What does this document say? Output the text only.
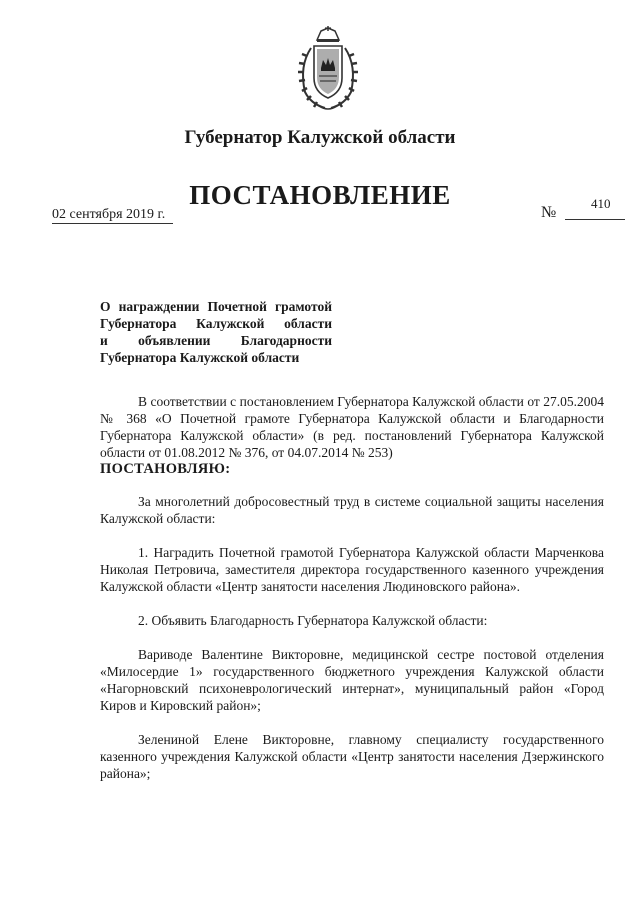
Губернатор Калужской области
ПОСТАНОВЛЕНИЕ
02 сентября 2019 г.	№
410
О награждении Почетной грамотой
Губернатора Калужской области
и объявлении Благодарности
Губернатора Калужской области

В соответствии с постановлением Губернатора Калужской области от 27.05.2004 № 368 «О Почетной грамоте Губернатора Калужской области и Благодарности Губернатора Калужской области» (в ред. постановлений Губернатора Калужской области от 01.08.2012 № 376, от 04.07.2014 № 253)

ПОСТАНОВЛЯЮ:

За многолетний добросовестный труд в системе социальной защиты населения Калужской области:

1. Наградить Почетной грамотой Губернатора Калужской области Марченкова Николая Петровича, заместителя директора государственного казенного учреждения Калужской области «Центр занятости населения Людиновского района».

2. Объявить Благодарность Губернатора Калужской области:

Вариводе Валентине Викторовне, медицинской сестре постовой отделения «Милосердие 1» государственного бюджетного учреждения Калужской области «Нагорновский психоневрологический интернат», муниципальный район «Город Киров и Кировский район»;

Зелениной Елене Викторовне, главному специалисту государственного казенного учреждения Калужской области «Центр занятости населения Дзержинского района»;
